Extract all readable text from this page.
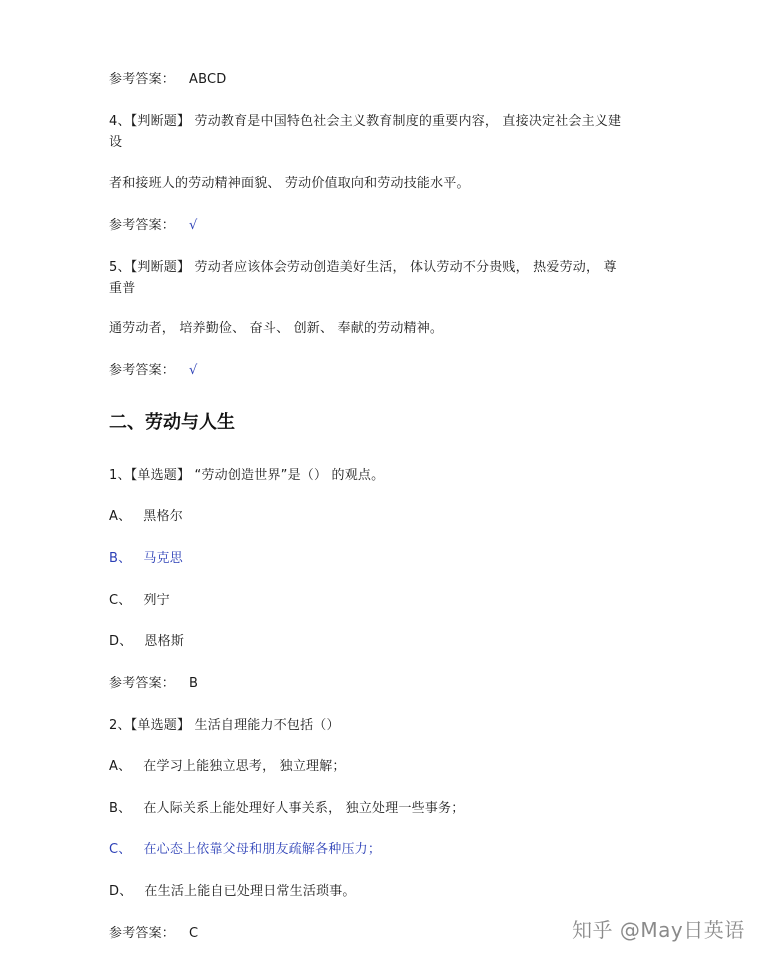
参考答案： ABCD
4、【判断题】 劳动教育是中国特色社会主义教育制度的重要内容， 直接决定社会主义建
设
者和接班人的劳动精神面貌、 劳动价值取向和劳动技能水平。
参考答案： √
5、【判断题】 劳动者应该体会劳动创造美好生活， 体认劳动不分贵贱， 热爱劳动， 尊
重普
通劳动者， 培养勤俭、 奋斗、 创新、 奉献的劳动精神。
参考答案： √
二、劳动与人生
1、【单选题】 “劳动创造世界”是（） 的观点。
A、 黑格尔
B、 马克思
C、 列宁
D、 恩格斯
参考答案： B
2、【单选题】 生活自理能力不包括（）
A、 在学习上能独立思考， 独立理解；
B、 在人际关系上能处理好人事关系， 独立处理一些事务；
C、 在心态上依靠父母和朋友疏解各种压力；
D、 在生活上能自已处理日常生活琐事。
参考答案： C	知乎 @May日英语
